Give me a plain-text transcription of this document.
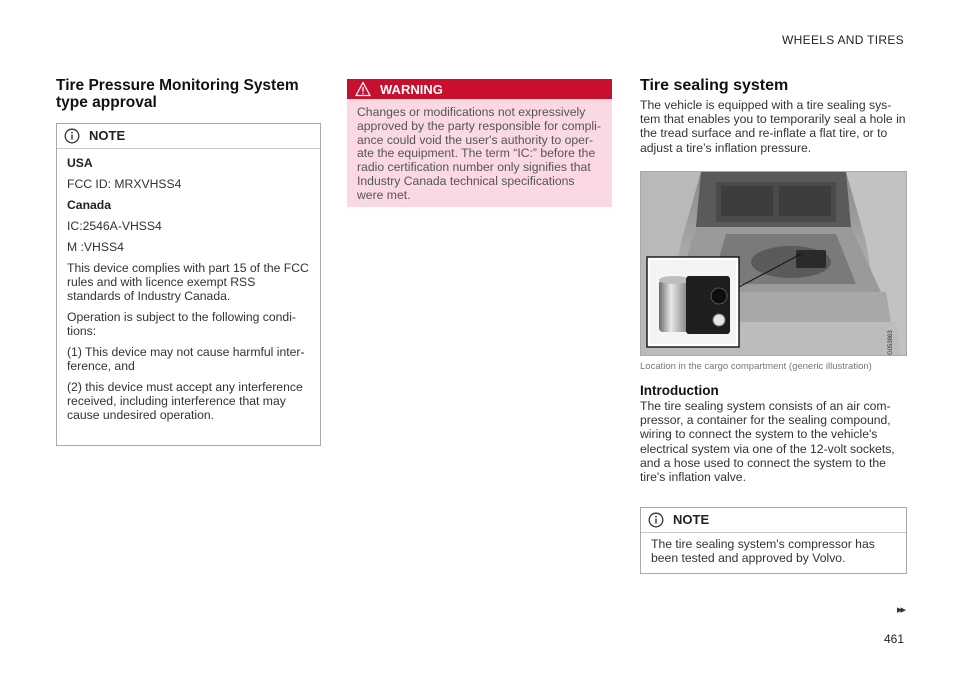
WHEELS AND TIRES
Tire Pressure Monitoring System type approval
NOTE

USA

FCC ID: MRXVHSS4

Canada

IC:2546A-VHSS4

M :VHSS4

This device complies with part 15 of the FCC rules and with licence exempt RSS standards of Industry Canada.

Operation is subject to the following condi-tions:

(1) This device may not cause harmful inter-ference, and

(2) this device must accept any interference received, including interference that may cause undesired operation.

WARNING
Changes or modifications not expressively approved by the party responsible for compli-ance could void the user's authority to oper-ate the equipment. The term “IC:” before the radio certification number only signifies that Industry Canada technical specifications were met.
Tire sealing system
The vehicle is equipped with a tire sealing sys-tem that enables you to temporarily seal a hole in the tread surface and re-inflate a flat tire, or to adjust a tire’s inflation pressure.
G053863
Location in the cargo compartment (generic illustration)
Introduction
The tire sealing system consists of an air com-pressor, a container for the sealing compound, wiring to connect the system to the vehicle's electrical system via one of the 12-volt sockets, and a hose used to connect the system to the tire's inflation valve.
NOTE
The tire sealing system's compressor has been tested and approved by Volvo.
▸▸
461
